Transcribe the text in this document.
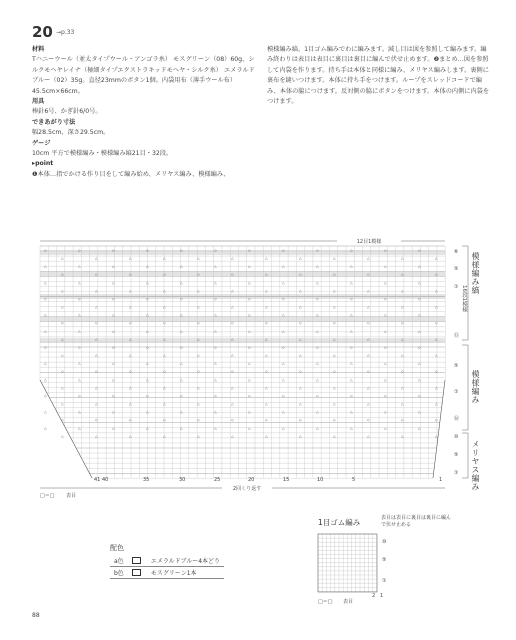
20 →p.33
材料
Tハニーウール（並太タイプウール・アンゴラ糸） モスグリーン（08）60g、シルクモヘヤレイナ（極細タイプエクストラキッドモヘヤ・シルク糸） エメラルドブルー（02）35g。直径23mmのボタン1個。内袋用布（薄手ウール布）45.5cm×66cm。
用具
棒針6号、かぎ針6/0号。
できあがり寸法
幅28.5cm、深さ29.5cm。
ゲージ
10cm 平方で模様編み・模様編み縞21目・32段。
▸point
❶本体…指でかける作り目をして編み始め、メリヤス編み、模様編み、
模様編み縞、1目ゴム編みでわに編みます。減し目は図を参照して編みます。編み終わりは表目は表目に裏目は裏目に編んで伏せ止めます。❷まとめ…図を参照して内袋を作ります。持ち手は本体と同様に編み、メリヤス編みします。裏側に裏布を縫いつけます。本体に持ち手をつけます。ループをスレッドコードで編み、本体の脇につけます。反対側の脇にボタンをつけます。本体の内側に内袋をつけます。
◇	◇	◇	◇	◇	◇	◇	◇	◇	◇	◇	◇
△	△	△	△	△	△	△	△	△	△	△	△
△	△	△	△	△	△	△	△	△	△	△	△
◇	◇	◇	◇	◇	◇	◇	◇	◇	◇	◇	◇
△	△	△	△	△	△	△	△	△	△	△	△
△	△	△	△	△	△	△	△	△	△	△	△
◇	◇	◇	◇	◇	◇	◇	◇	◇	◇	◇	◇
△	△	△	△	△	△	△	△	△	△	△	△
△	△	△	△	△	△	△	△	△	△	△	△
◇	◇	◇	◇	◇	◇	◇	◇	◇	◇	◇	◇
△	△	△	△	△	△	△	△	△	△	△	△
△	△	△	△	△	△	△	△	△	△	△	△
◇	◇	◇	◇	◇	◇	◇	◇	◇	◇	◇	◇
△	△	△	△	△	△	△	△	△	△	△	△
△	△	△	△	△	△	△	△	△	△	△	△
◇	◇	◇	◇	◇	◇	◇	◇	◇	◇	◇	◇
△	△	△	△	△	△	△	△	△	△	△	△
△	△	△	△	△	△	△	△	△	△	△	△
◇	◇	◇	◇	◇	◇	◇	◇	◇	◇	◇	◇
△	△	△	△	△	△	△	△	△	△	△	△
△	△	△	△	△	△	△	△	△	△	△	△
◇	◇	◇	◇	◇	◇	◇	◇	◇	◇	◇	◇
△	△	△	△	△	△	△	△	△	△	△	△
△	△	△	△	△	△	△	△	△	△	△	△
12目1模様
2回くり返す
41 40	35	30	25	20	15	10	5	1
⑥
⑤
①
⑮
⑤
①
⑯
⑩
⑤
①
□＝□ 表目
1目ゴム編み
⑩
⑤
①
□＝□ 表目
2 1
表目は表目に裏目は裏目に編んで伏せ止める
模様編み縞
16段1模様
模様編み
メリヤス編み
配色
a色		エメラルドブルー4本どり
b色		モスグリーン1本
88
